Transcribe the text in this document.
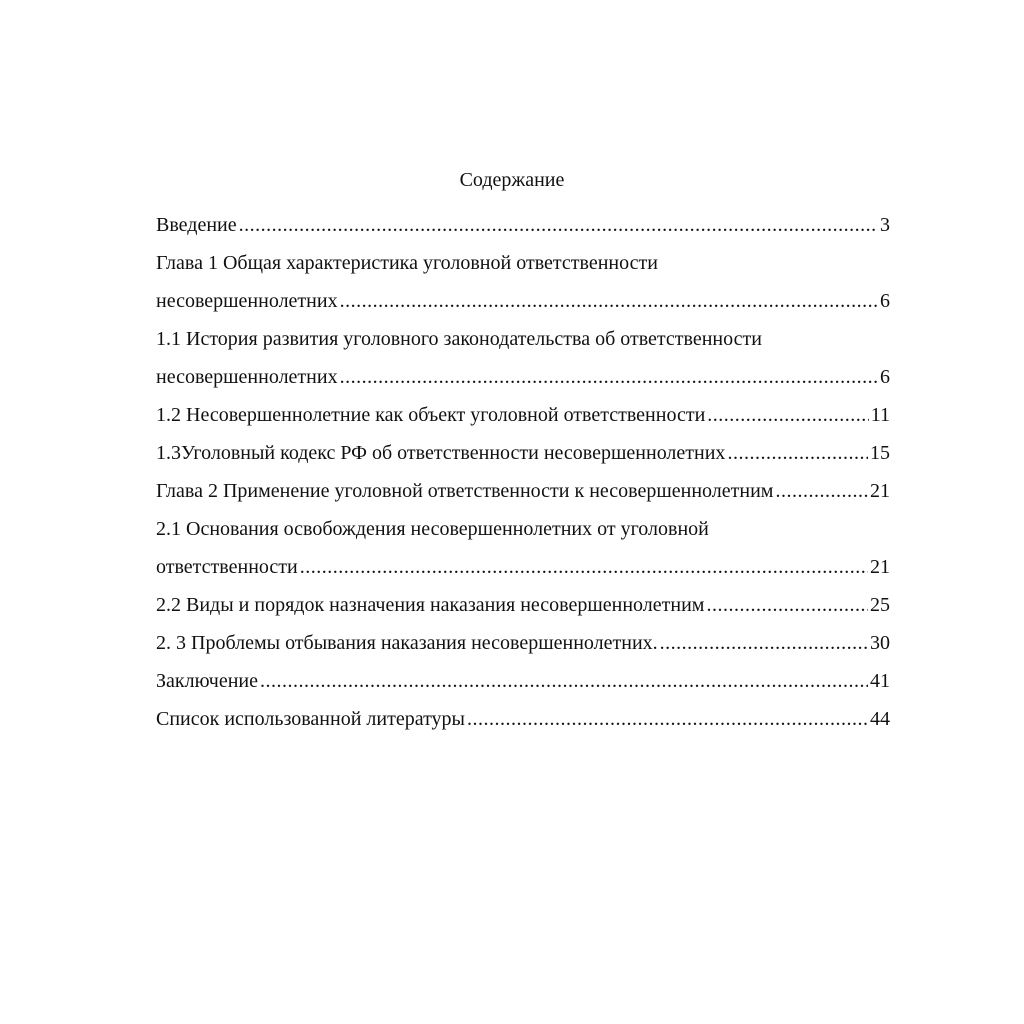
Содержание
Введение .....	3
Глава 1 Общая характеристика уголовной ответственности
несовершеннолетних .....	6
1.1 История развития уголовного законодательства об ответственности
несовершеннолетних .....	6
1.2 Несовершеннолетние как объект уголовной ответственности .....	11
1.3Уголовный кодекс РФ об ответственности несовершеннолетних .....	15
Глава 2 Применение уголовной ответственности к несовершеннолетним .....	21
2.1 Основания освобождения несовершеннолетних от уголовной
ответственности .....	21
2.2 Виды и порядок назначения наказания несовершеннолетним .....	25
2. 3 Проблемы отбывания наказания несовершеннолетних. .....	30
Заключение .....	41
Список использованной литературы .....	44
